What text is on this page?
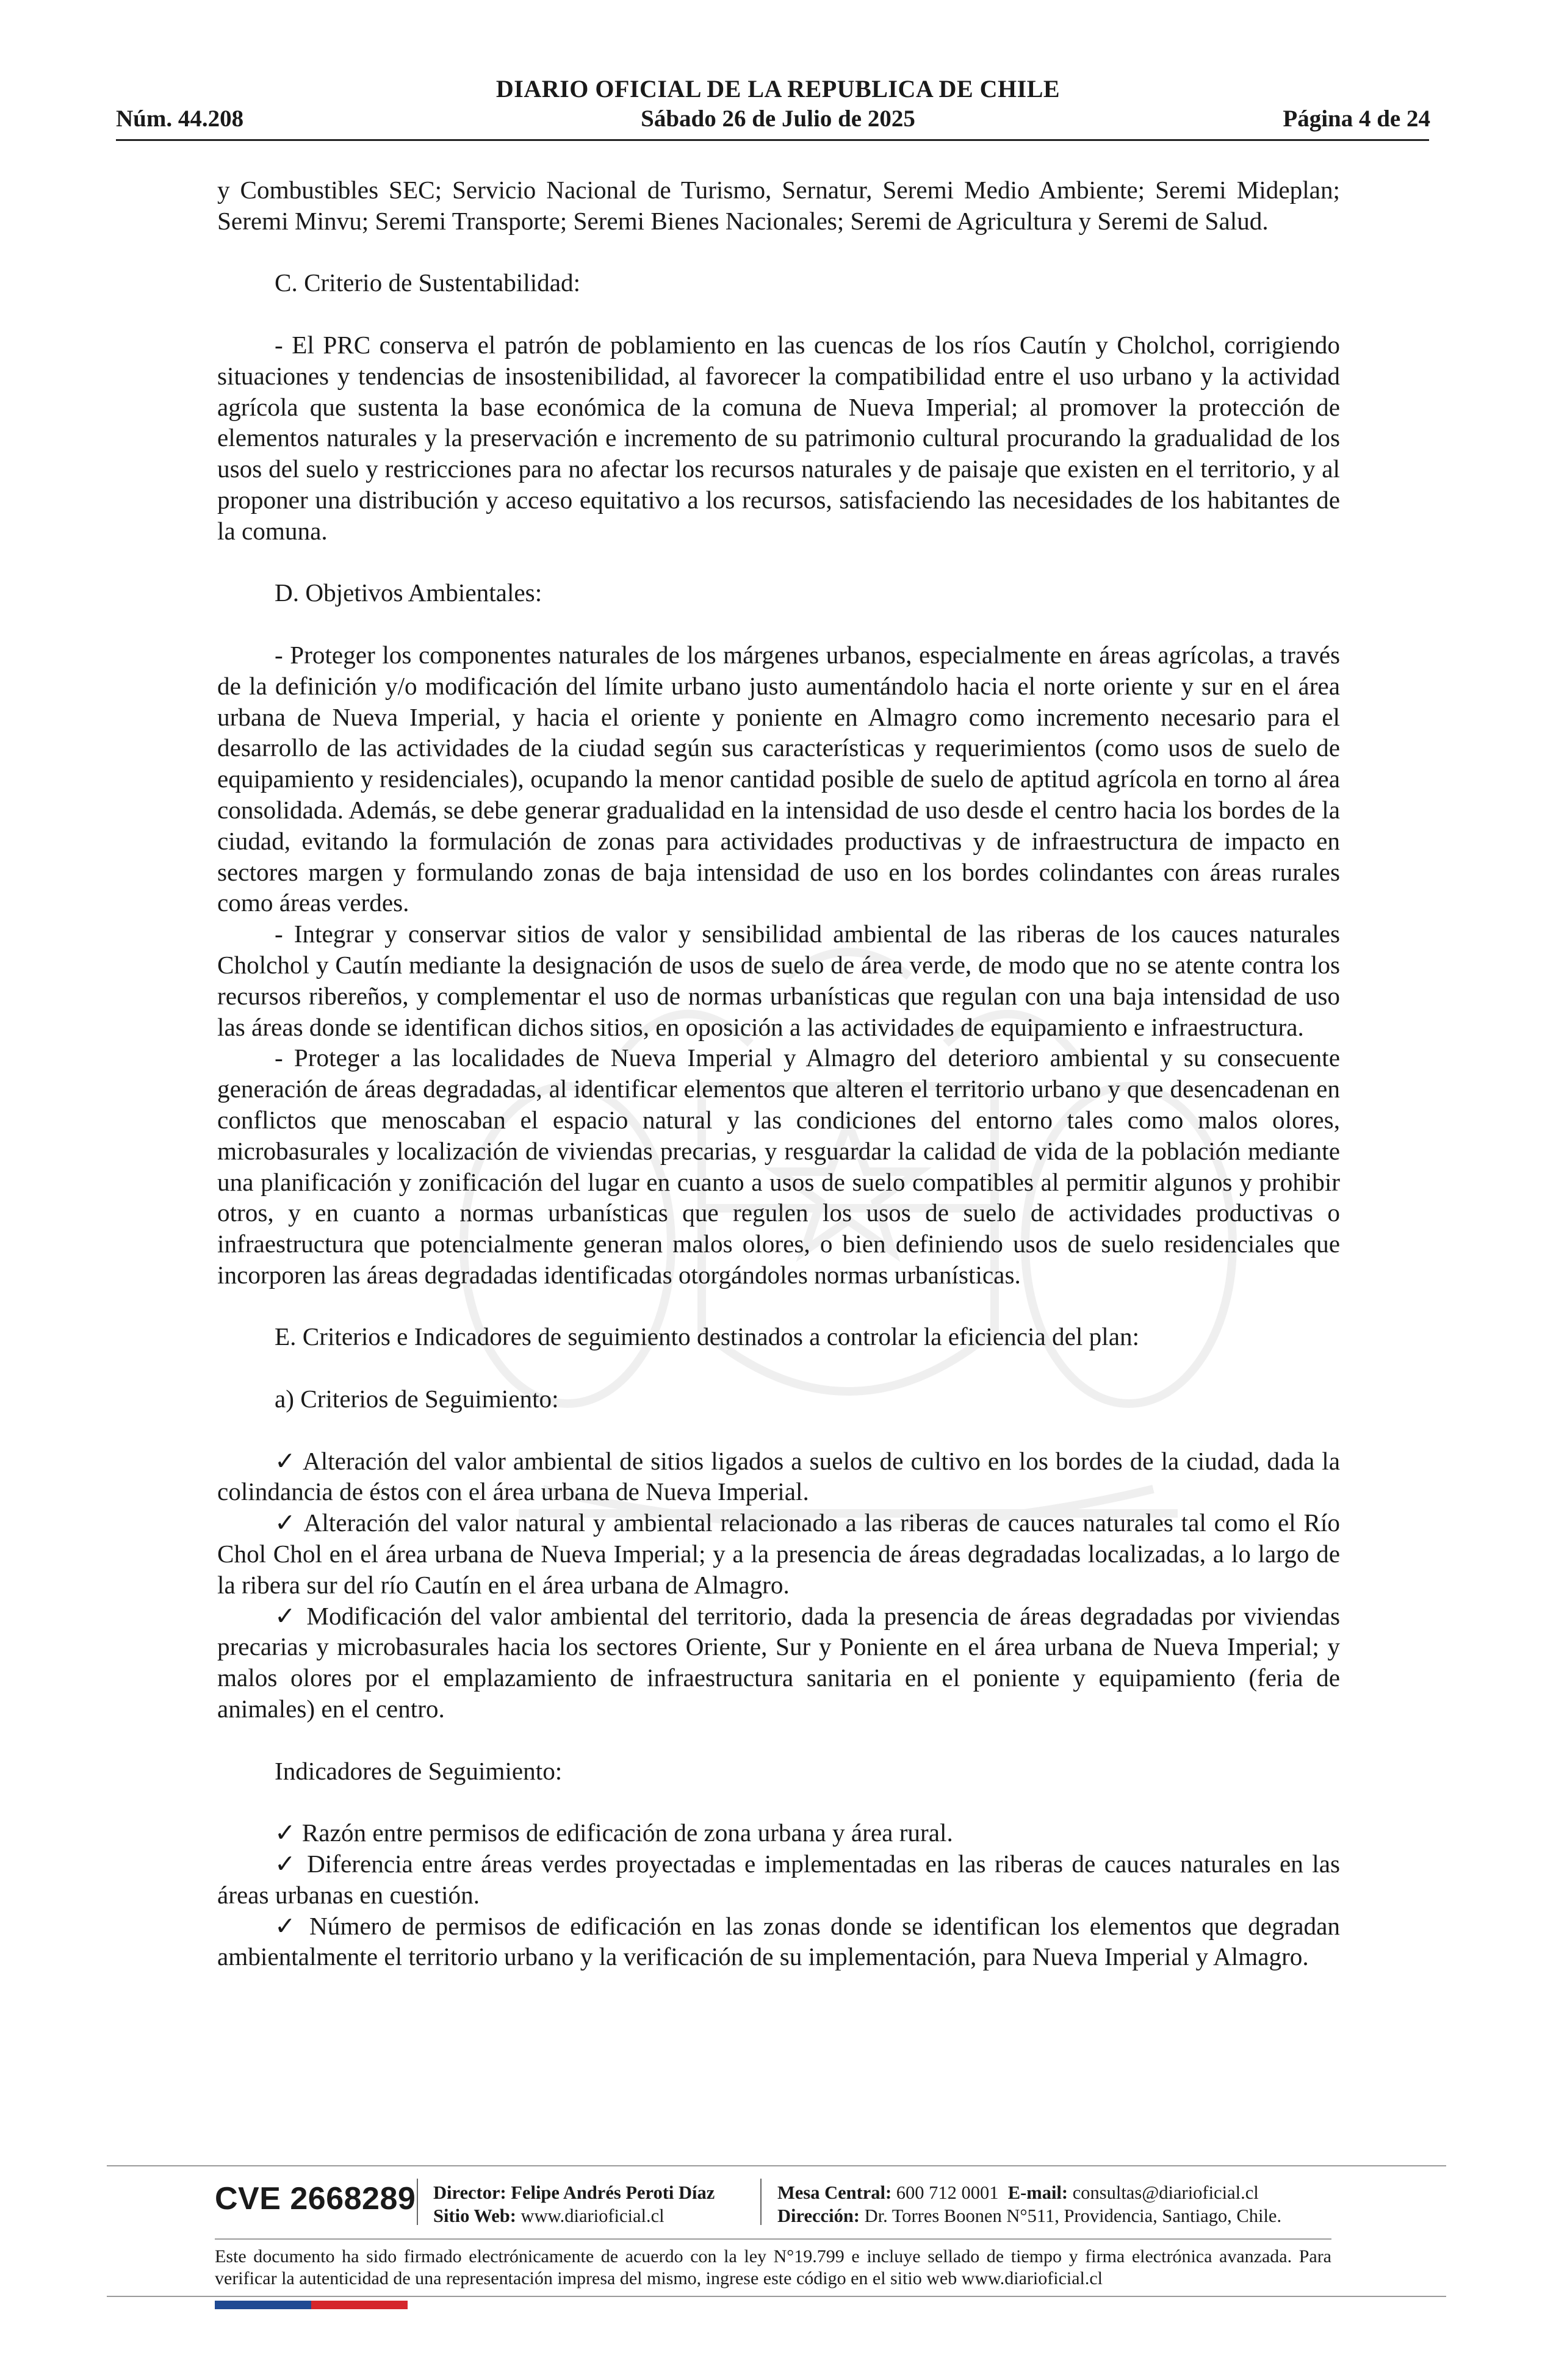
DIARIO OFICIAL DE LA REPUBLICA DE CHILE
Núm. 44.208	Sábado 26 de Julio de 2025	Página 4 de 24

y Combustibles SEC; Servicio Nacional de Turismo, Sernatur, Seremi Medio Ambiente; Seremi Mideplan; Seremi Minvu; Seremi Transporte; Seremi Bienes Nacionales; Seremi de Agricultura y Seremi de Salud.

C. Criterio de Sustentabilidad:

- El PRC conserva el patrón de poblamiento en las cuencas de los ríos Cautín y Cholchol, corrigiendo situaciones y tendencias de insostenibilidad, al favorecer la compatibilidad entre el uso urbano y la actividad agrícola que sustenta la base económica de la comuna de Nueva Imperial; al promover la protección de elementos naturales y la preservación e incremento de su patrimonio cultural procurando la gradualidad de los usos del suelo y restricciones para no afectar los recursos naturales y de paisaje que existen en el territorio, y al proponer una distribución y acceso equitativo a los recursos, satisfaciendo las necesidades de los habitantes de la comuna.

D. Objetivos Ambientales:

- Proteger los componentes naturales de los márgenes urbanos, especialmente en áreas agrícolas, a través de la definición y/o modificación del límite urbano justo aumentándolo hacia el norte oriente y sur en el área urbana de Nueva Imperial, y hacia el oriente y poniente en Almagro como incremento necesario para el desarrollo de las actividades de la ciudad según sus características y requerimientos (como usos de suelo de equipamiento y residenciales), ocupando la menor cantidad posible de suelo de aptitud agrícola en torno al área consolidada. Además, se debe generar gradualidad en la intensidad de uso desde el centro hacia los bordes de la ciudad, evitando la formulación de zonas para actividades productivas y de infraestructura de impacto en sectores margen y formulando zonas de baja intensidad de uso en los bordes colindantes con áreas rurales como áreas verdes.

- Integrar y conservar sitios de valor y sensibilidad ambiental de las riberas de los cauces naturales Cholchol y Cautín mediante la designación de usos de suelo de área verde, de modo que no se atente contra los recursos ribereños, y complementar el uso de normas urbanísticas que regulan con una baja intensidad de uso las áreas donde se identifican dichos sitios, en oposición a las actividades de equipamiento e infraestructura.

- Proteger a las localidades de Nueva Imperial y Almagro del deterioro ambiental y su consecuente generación de áreas degradadas, al identificar elementos que alteren el territorio urbano y que desencadenan en conflictos que menoscaban el espacio natural y las condiciones del entorno tales como malos olores, microbasurales y localización de viviendas precarias, y resguardar la calidad de vida de la población mediante una planificación y zonificación del lugar en cuanto a usos de suelo compatibles al permitir algunos y prohibir otros, y en cuanto a normas urbanísticas que regulen los usos de suelo de actividades productivas o infraestructura que potencialmente generan malos olores, o bien definiendo usos de suelo residenciales que incorporen las áreas degradadas identificadas otorgándoles normas urbanísticas.

E. Criterios e Indicadores de seguimiento destinados a controlar la eficiencia del plan:

a) Criterios de Seguimiento:

✓ Alteración del valor ambiental de sitios ligados a suelos de cultivo en los bordes de la ciudad, dada la colindancia de éstos con el área urbana de Nueva Imperial.

✓ Alteración del valor natural y ambiental relacionado a las riberas de cauces naturales tal como el Río Chol Chol en el área urbana de Nueva Imperial; y a la presencia de áreas degradadas localizadas, a lo largo de la ribera sur del río Cautín en el área urbana de Almagro.

✓ Modificación del valor ambiental del territorio, dada la presencia de áreas degradadas por viviendas precarias y microbasurales hacia los sectores Oriente, Sur y Poniente en el área urbana de Nueva Imperial; y malos olores por el emplazamiento de infraestructura sanitaria en el poniente y equipamiento (feria de animales) en el centro.

Indicadores de Seguimiento:

✓ Razón entre permisos de edificación de zona urbana y área rural.

✓ Diferencia entre áreas verdes proyectadas e implementadas en las riberas de cauces naturales en las áreas urbanas en cuestión.

✓ Número de permisos de edificación en las zonas donde se identifican los elementos que degradan ambientalmente el territorio urbano y la verificación de su implementación, para Nueva Imperial y Almagro.

CVE 2668289 Director: Felipe Andrés Peroti Díaz
Sitio Web: www.diarioficial.cl
Mesa Central: 600 712 0001 E-mail: consultas@diarioficial.cl
Dirección: Dr. Torres Boonen N°511, Providencia, Santiago, Chile.
Este documento ha sido firmado electrónicamente de acuerdo con la ley N°19.799 e incluye sellado de tiempo y firma electrónica avanzada. Para verificar la autenticidad de una representación impresa del mismo, ingrese este código en el sitio web www.diarioficial.cl
